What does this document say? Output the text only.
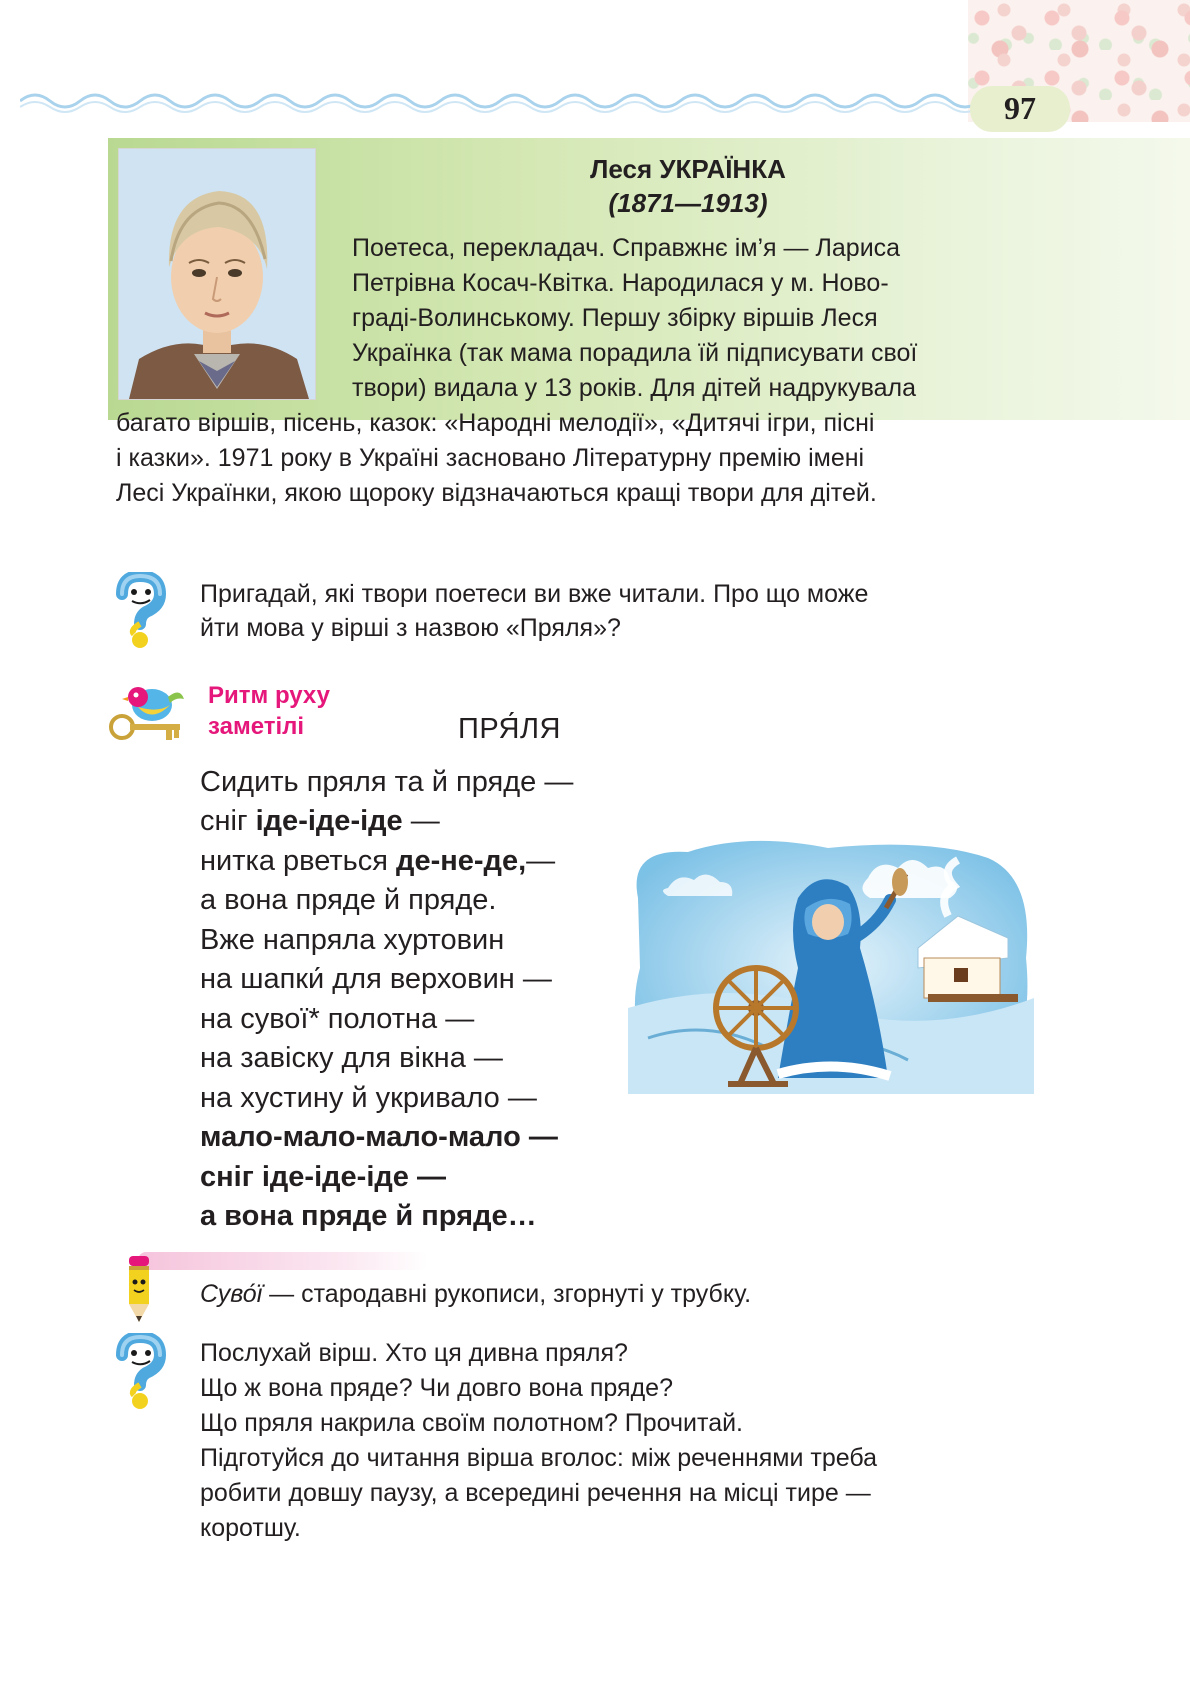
97
Леся УКРАЇНКА
(1871—1913)
Поетеса, перекладач. Справжнє ім’я — Лариса
Петрівна Косач-Квітка. Народилася у м. Ново-
граді-Волинському. Першу збірку віршів Леся
Українка (так мама порадила їй підписувати свої
твори) видала у 13 років. Для дітей надрукувала
багато віршів, пісень, казок: «Народні мелодії», «Дитячі ігри, пісні
і казки». 1971 року в Україні засновано Літературну премію імені
Лесі Українки, якою щороку відзначаються кращі твори для дітей.
Пригадай, які твори поетеси ви вже читали. Про що може
йти мова у вірші з назвою «Пряля»?
Ритм руху
заметілі	ПРЯ́ЛЯ
Сидить пряля та й пряде —
сніг іде-іде-іде —
нитка рветься де-не-де,—
а вона пряде й пряде.
Вже напряла хуртовин
на шапки́ для верховин —
на сувої* полотна —
на завіску для вікна —
на хустину й укривало —
мало-мало-мало-мало —
сніг іде-іде-іде —
а вона пряде й пряде…
Суво́ї — стародавні рукописи, згорнуті у трубку.
Послухай вірш. Хто ця дивна пряля?
Що ж вона пряде? Чи довго вона пряде?
Що пряля накрила своїм полотном? Прочитай.
Підготуйся до читання вірша вголос: між реченнями треба
робити довшу паузу, а всередині речення на місці тире —
коротшу.
